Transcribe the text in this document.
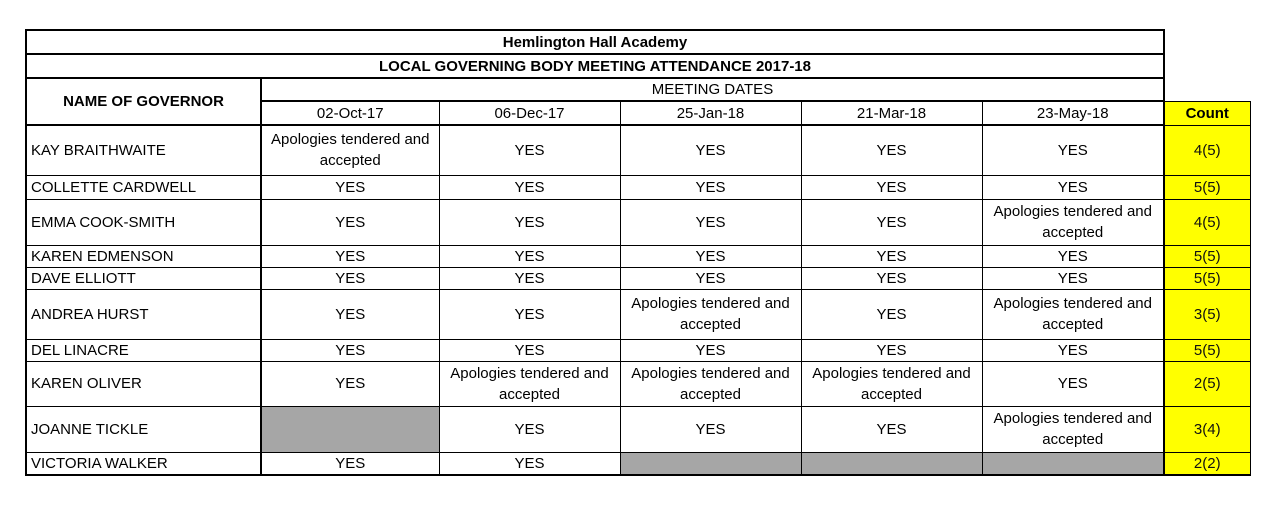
Hemlington Hall Academy						
LOCAL GOVERNING BODY MEETING ATTENDANCE 2017-18						
NAME OF GOVERNOR	MEETING DATES					
	02-Oct-17	06-Dec-17	25-Jan-18	21-Mar-18	23-May-18	Count
KAY BRAITHWAITE	Apologies tendered and accepted	YES	YES	YES	YES	4(5)
COLLETTE CARDWELL	YES	YES	YES	YES	YES	5(5)
EMMA COOK-SMITH	YES	YES	YES	YES	Apologies tendered and accepted	4(5)
KAREN EDMENSON	YES	YES	YES	YES	YES	5(5)
DAVE ELLIOTT	YES	YES	YES	YES	YES	5(5)
ANDREA HURST	YES	YES	Apologies tendered and accepted	YES	Apologies tendered and accepted	3(5)
DEL LINACRE	YES	YES	YES	YES	YES	5(5)
KAREN OLIVER	YES	Apologies tendered and accepted	Apologies tendered and accepted	Apologies tendered and accepted	YES	2(5)
JOANNE TICKLE		YES	YES	YES	Apologies tendered and accepted	3(4)
VICTORIA WALKER	YES	YES				2(2)
